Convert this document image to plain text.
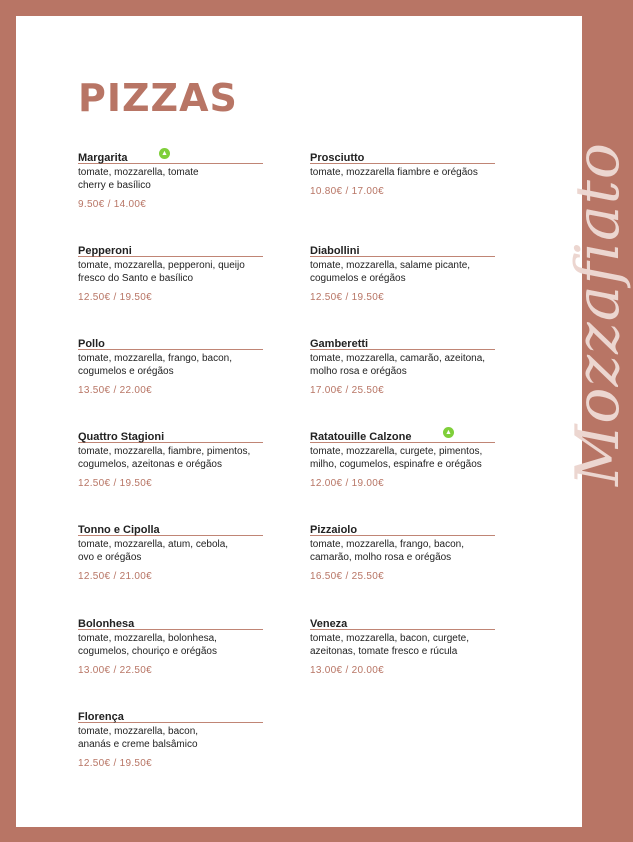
PIZZAS
Mozzafiato
Margarita	▲
tomate, mozzarella, tomate
cherry e basílico
9.50€ / 14.00€
Prosciutto
tomate, mozzarella fiambre e orégãos
10.80€ / 17.00€
Pepperoni
tomate, mozzarella, pepperoni, queijo
fresco do Santo e basílico
12.50€ / 19.50€
Diabollini
tomate, mozzarella, salame picante,
cogumelos e orégãos
12.50€ / 19.50€
Pollo
tomate, mozzarella, frango, bacon,
cogumelos e orégãos
13.50€ / 22.00€
Gamberetti
tomate, mozzarella, camarão, azeitona,
molho rosa e orégãos
17.00€ / 25.50€
Quattro Stagioni
tomate, mozzarella, fiambre, pimentos,
cogumelos, azeitonas e orégãos
12.50€ / 19.50€
Ratatouille Calzone	▲
tomate, mozzarella, curgete, pimentos,
milho, cogumelos, espinafre e orégãos
12.00€ / 19.00€
Tonno e Cipolla
tomate, mozzarella, atum, cebola,
ovo e orégãos
12.50€ / 21.00€
Pizzaiolo
tomate, mozzarella, frango, bacon,
camarão, molho rosa e orégãos
16.50€ / 25.50€
Bolonhesa
tomate, mozzarella, bolonhesa,
cogumelos, chouriço e orégãos
13.00€ / 22.50€
Veneza
tomate, mozzarella, bacon, curgete,
azeitonas, tomate fresco e rúcula
13.00€ / 20.00€
Florença
tomate, mozzarella, bacon,
ananás e creme balsâmico
12.50€ / 19.50€
